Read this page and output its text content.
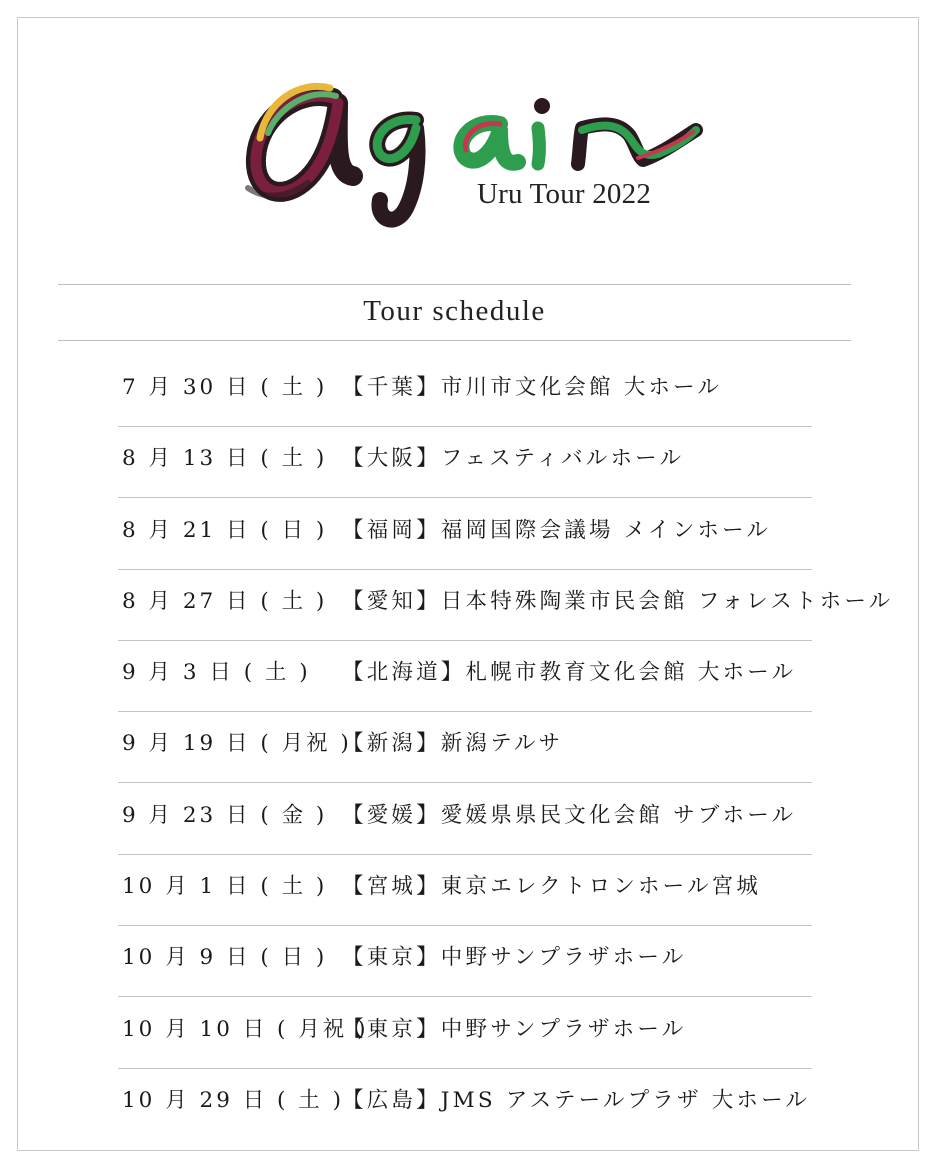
Uru Tour 2022
Tour schedule
7 月 30 日 ( 土 ) 【千葉】市川市文化会館 大ホール
8 月 13 日 ( 土 ) 【大阪】フェスティバルホール
8 月 21 日 ( 日 ) 【福岡】福岡国際会議場 メインホール
8 月 27 日 ( 土 ) 【愛知】日本特殊陶業市民会館 フォレストホール
9 月 3 日 ( 土 ) 【北海道】札幌市教育文化会館 大ホール
9 月 19 日 ( 月祝 )
【新潟】新潟テルサ
9 月 23 日 ( 金 ) 【愛媛】愛媛県県民文化会館 サブホール
10 月 1 日 ( 土 ) 【宮城】東京エレクトロンホール宮城
10 月 9 日 ( 日 ) 【東京】中野サンプラザホール
10 月 10 日 ( 月祝 )
【東京】中野サンプラザホール
10 月 29 日 ( 土 )
【広島】JMS アステールプラザ 大ホール
